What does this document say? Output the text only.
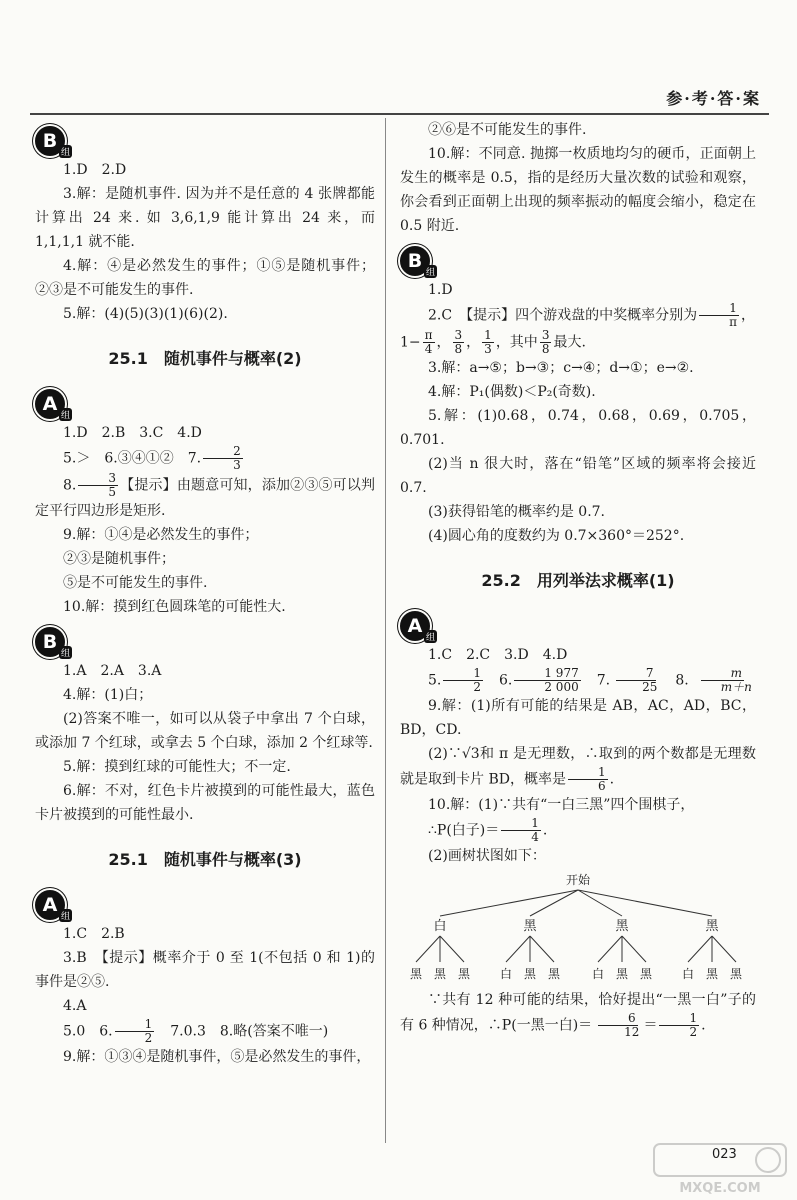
参·考·答·案
B
组

1.D　2.D

3.解：是随机事件. 因为并不是任意的 4 张牌都能计算出 24 来. 如 3,6,1,9 能计算出 24 来，而 1,1,1,1 就不能.

4.解：④是必然发生的事件；①⑤是随机事件；②③是不可能发生的事件.

5.解：(4)(5)(3)(1)(6)(2).

25.1　随机事件与概率(2)
A
组

1.D　2.B　3.C　4.D

5.＞　6.③④①②　7. $\frac{2}{3}$

8. $\frac{3}{5}$ 【提示】由题意可知，添加②③⑤可以判定平行四边形是矩形.

9.解：①④是必然发生的事件；

②③是随机事件；

⑤是不可能发生的事件.

10.解：摸到红色圆珠笔的可能性大.

B
组

1.A　2.A　3.A

4.解：(1)白；

(2)答案不唯一，如可以从袋子中拿出 7 个白球，或添加 7 个红球，或拿去 5 个白球，添加 2 个红球等.

5.解：摸到红球的可能性大；不一定.

6.解：不对，红色卡片被摸到的可能性最大，蓝色卡片被摸到的可能性最小.

25.1　随机事件与概率(3)
A
组

1.C　2.B

3.B　【提示】概率介于 0 至 1(不包括 0 和 1)的事件是②⑤.

4.A

5.0　6. $\frac{1}{2}$ 　7.0.3　8.略(答案不唯一)

9.解：①③④是随机事件，⑤是必然发生的事件，

②⑥是不可能发生的事件.

10.解：不同意. 抛掷一枚质地均匀的硬币，正面朝上发生的概率是 0.5，指的是经历大量次数的试验和观察，你会看到正面朝上出现的频率振动的幅度会缩小，稳定在 0.5 附近.

B
组

1.D

2.C　【提示】四个游戏盘的中奖概率分别为 $\frac{1}{\pi}$ ，

$1- \frac{\pi}{4}$ ， $\frac{3}{8}$ ， $\frac{1}{3}$ ，其中 $\frac{3}{8}$ 最大.

3.解：a→⑤；b→③；c→④；d→①；e→②.

4.解：P₁(偶数)＜P₂(奇数).

5.解：(1)0.68，0.74，0.68，0.69，0.705，0.701.

(2)当 n 很大时，落在“铅笔”区域的频率将会接近 0.7.

(3)获得铅笔的概率约是 0.7.

(4)圆心角的度数约为 0.7×360°＝252°.

25.2　用列举法求概率(1)
A
组

1.C　2.C　3.D　4.D

5. $\frac{1}{2}$ 　6. $\frac{1 977}{2 000}$ 　7. $\frac{7}{25}$ 　8. $\frac{m}{m+n}$

9.解：(1)所有可能的结果是 AB，AC，AD，BC，BD，CD.

(2)∵√3和 π 是无理数，∴取到的两个数都是无理数就是取到卡片 BD，概率是 $\frac{1}{6}$ .

10.解：(1)∵共有“一白三黑”四个围棋子，

∴P(白子)＝ $\frac{1}{4}$ .

(2)画树状图如下：

开始
白	黑	黑	黑
黑 黑 黑 白 黑 黑	白 黑 黑 白 黑 黑

∵共有 12 种可能的结果，恰好提出“一黑一白”子的有 6 种情况，∴P(一黑一白)＝ $\frac{6}{12} = \frac{1}{2}$ .

023
MXQE.COM
